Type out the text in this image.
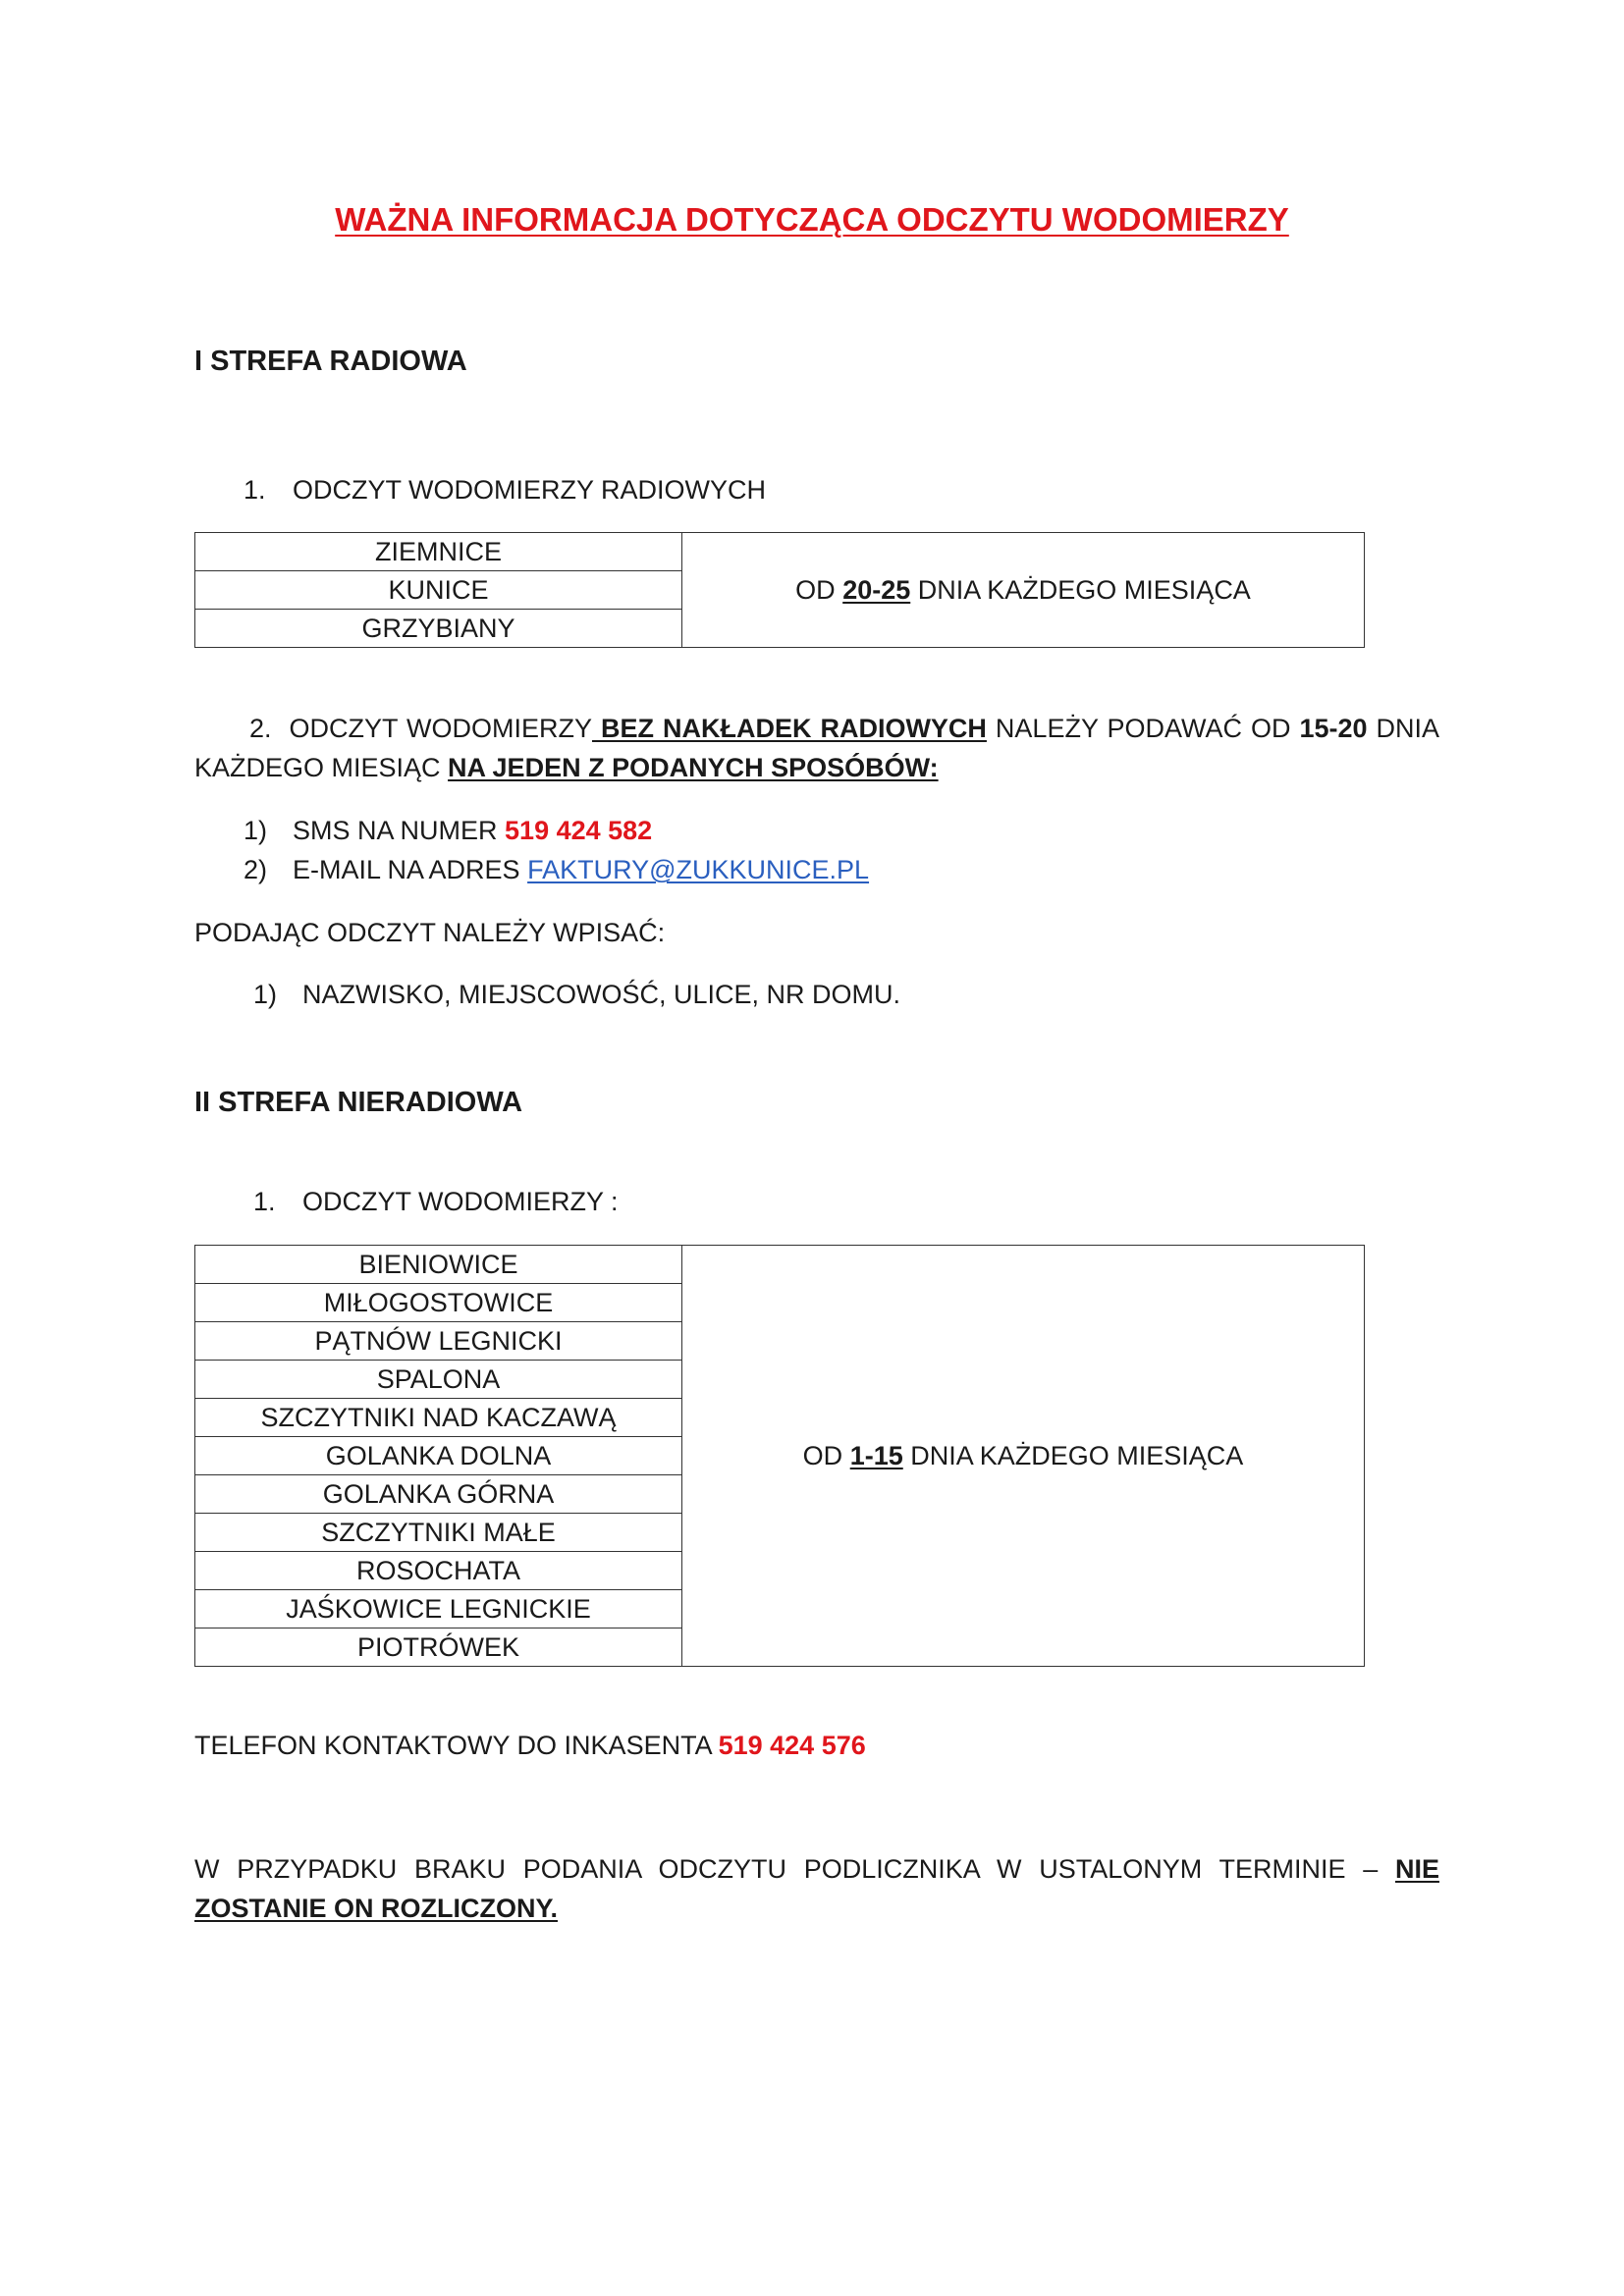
WAŻNA INFORMACJA DOTYCZĄCA ODCZYTU WODOMIERZY
I STREFA RADIOWA
1. ODCZYT WODOMIERZY RADIOWYCH
ZIEMNICE	OD 20-25 DNIA KAŻDEGO MIESIĄCA
KUNICE
GRZYBIANY
2. ODCZYT WODOMIERZY BEZ NAKŁADEK RADIOWYCH NALEŻY PODAWAĆ OD 15-20 DNIA KAŻDEGO MIESIĄC NA JEDEN Z PODANYCH SPOSÓBÓW:
1) SMS NA NUMER 519 424 582
2) E-MAIL NA ADRES FAKTURY@ZUKKUNICE.PL
PODAJĄC ODCZYT NALEŻY WPISAĆ:
1) NAZWISKO, MIEJSCOWOŚĆ, ULICE, NR DOMU.
II STREFA NIERADIOWA
1. ODCZYT WODOMIERZY :
BIENIOWICE	OD 1-15 DNIA KAŻDEGO MIESIĄCA
MIŁOGOSTOWICE
PĄTNÓW LEGNICKI
SPALONA
SZCZYTNIKI NAD KACZAWĄ
GOLANKA DOLNA
GOLANKA GÓRNA
SZCZYTNIKI MAŁE
ROSOCHATA
JAŚKOWICE LEGNICKIE
PIOTRÓWEK
TELEFON KONTAKTOWY DO INKASENTA 519 424 576
W PRZYPADKU BRAKU PODANIA ODCZYTU PODLICZNIKA W USTALONYM TERMINIE – NIE ZOSTANIE ON ROZLICZONY.
